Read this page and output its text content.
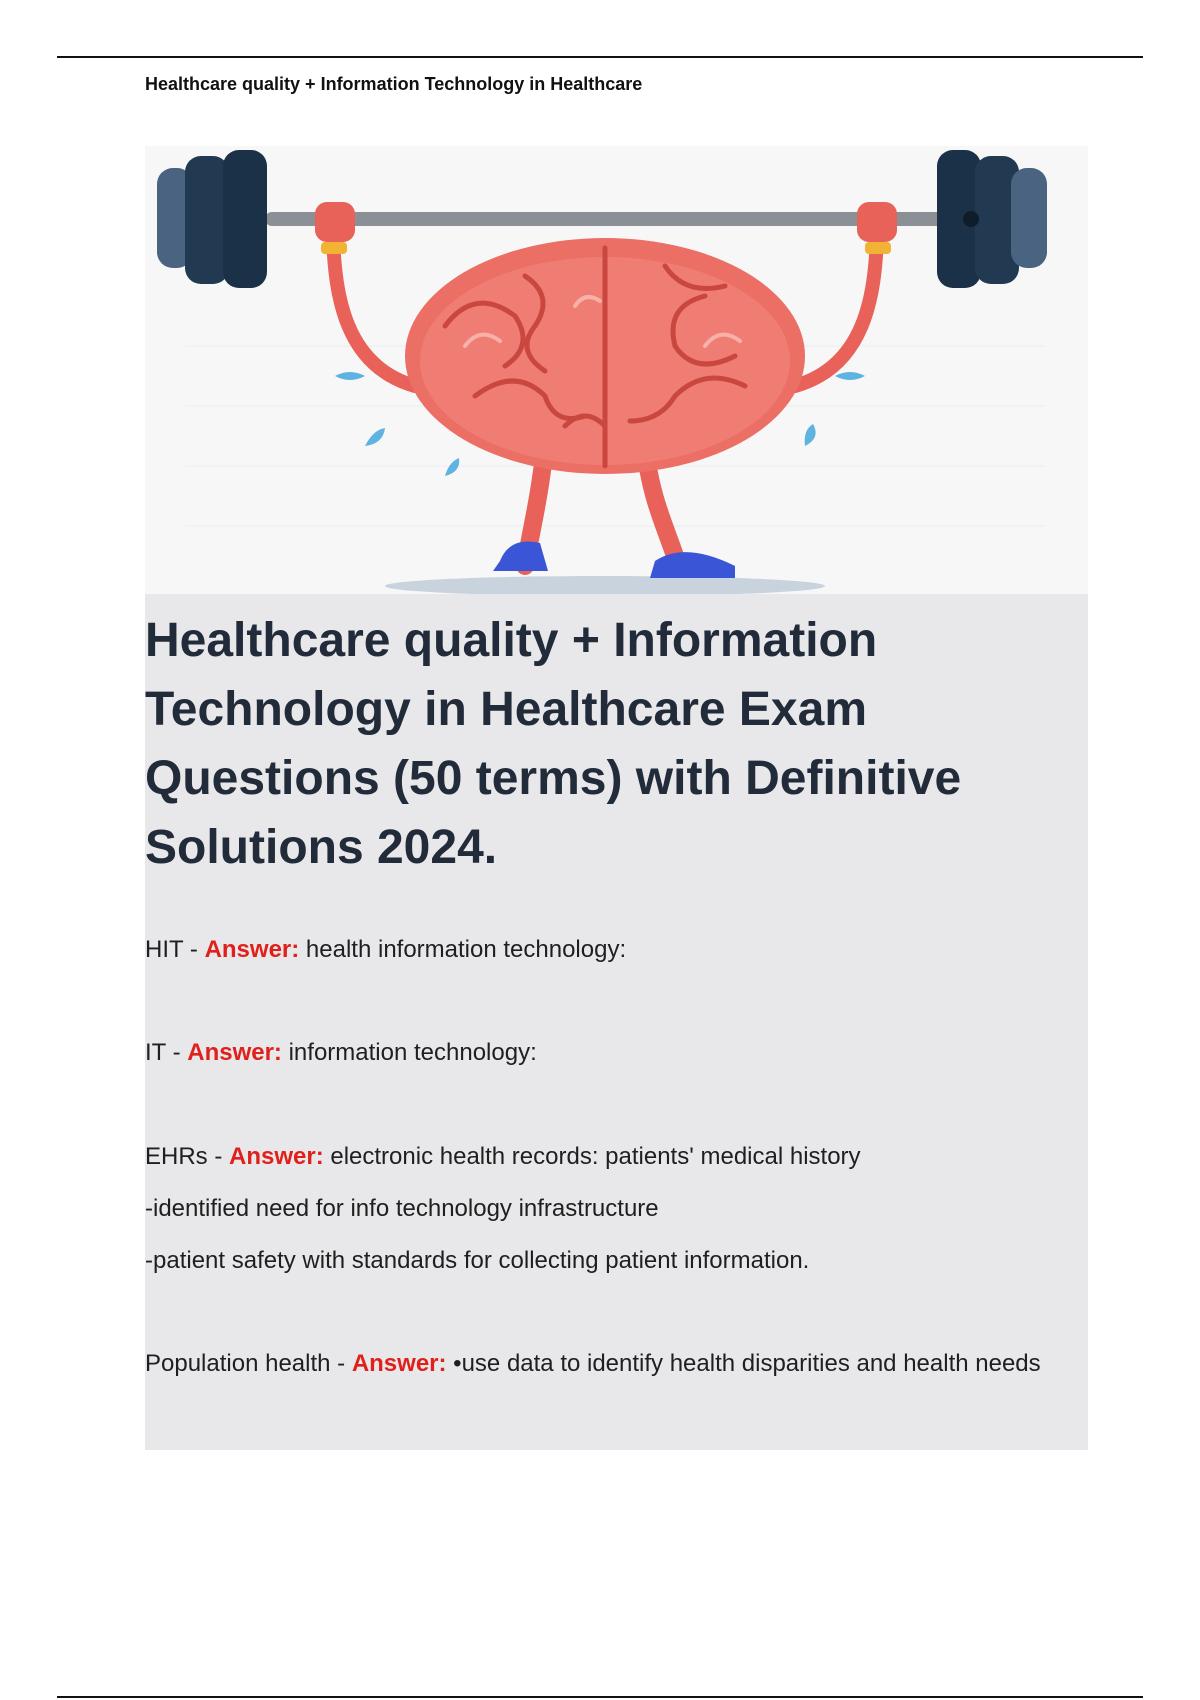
Healthcare quality + Information Technology in Healthcare
Healthcare quality + Information Technology in Healthcare Exam Questions (50 terms) with Definitive Solutions 2024.

HIT - Answer: health information technology:

IT - Answer: information technology:

EHRs - Answer: electronic health records: patients' medical history
-identified need for info technology infrastructure
-patient safety with standards for collecting patient information.

Population health - Answer: •use data to identify health disparities and health needs
